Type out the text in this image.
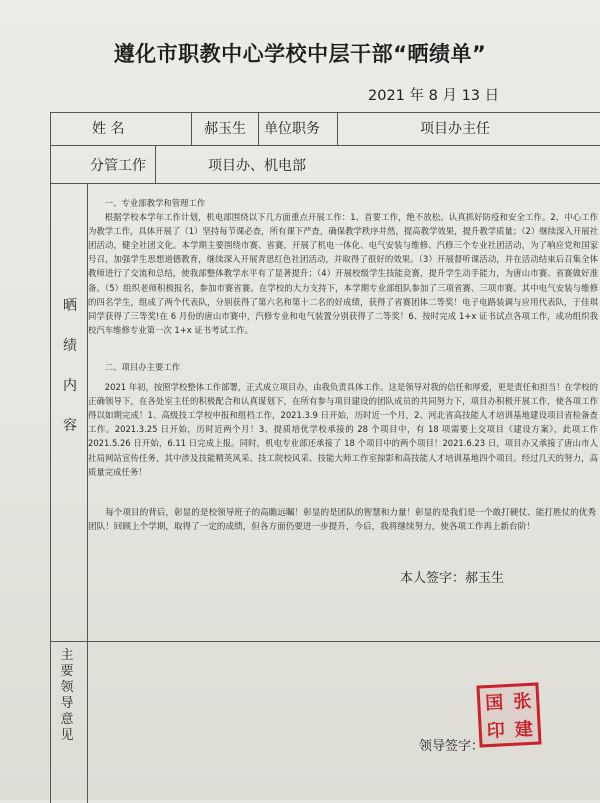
遵化市职教中心学校中层干部“晒绩单”
2021 年 8 月 13 日
姓 名	郝玉生 单位职务	项目办主任
分管工作	项目办、机电部
晒
绩
内
容

一、专业部教学和管理工作

根据学校本学年工作计划，机电部围绕以下几方面重点开展工作：1、首要工作，绝不放松。认真抓好防疫和安全工作。2、中心工作为教学工作，具体开展了（1）坚持每节课必查，所有课下严查，确保教学秩序井然，提高教学效果，提升教学质量；（2）继续深入开展社团活动，健全社团文化。本学期主要围绕市赛、省赛，开展了机电一体化、电气安装与维修、汽修三个专业社团活动，为了响应党和国家号召，加强学生思想道德教育，继续深入开展青思红色社团活动，并取得了很好的效果。（3）开展督听课活动，并在活动结束后召集全体教师进行了交流和总结，使我部整体教学水平有了显著提升；（4）开展校级学生技能竞赛，提升学生动手能力，为唐山市赛、省赛做好准备。（5）组织老师积极报名，参加市赛省赛。在学校的大力支持下，本学期专业部组队参加了三项省赛、三项市赛。其中电气安装与维修的四名学生，组成了两个代表队，分别获得了第六名和第十二名的好成绩，获得了省赛团体二等奖！电子电路装调与应用代表队，于佳琪同学获得了三等奖!在 6 月份的唐山市赛中，汽修专业和电气装置分别获得了二等奖！6、按时完成 1+x 证书试点各项工作，成功组织我校汽车维修专业第一次 1+x 证书考试工作。

二、项目办主要工作

2021 年初，按照学校整体工作部署，正式成立项目办，由我负责具体工作。这是领导对我的信任和厚爱，更是责任和担当！在学校的正确领导下，在各处室主任的积极配合和认真谋划下，在所有参与项目建设的团队成员的共同努力下，项目办积极开展工作，使各项工作得以如期完成！1、高级技工学校申报和组档工作，2021.3.9 日开始，历时近一个月，2、河北省高技能人才培训基地建设项目省检备查工作。2021.3.25 日开始，历时近两个月！3、提质培优学校承接的 28 个项目中，有 18 项需要上交项目《建设方案》，此项工作 2021.5.26 日开始，6.11 日完成上报。同时，机电专业部还承接了 18 个项目中的两个项目！2021.6.23 日，项目办又承接了唐山市人社局网站宣传任务，其中涉及技能精英风采、技工院校风采、技能大师工作室掠影和高技能人才培训基地四个项目。经过几天的努力，高质量完成任务！

每个项目的背后，彰显的是校领导班子的高瞻远瞩！彰显的是团队的智慧和力量！彰显的是我们是一个敢打硬仗、能打胜仗的优秀团队！回顾上个学期，取得了一定的成绩，但各方面仍要进一步提升，今后，我将继续努力，使各项工作再上新台阶！
本人签字：郝玉生
主
要
领
导
意
见
领导签字：
国 张
印 建
